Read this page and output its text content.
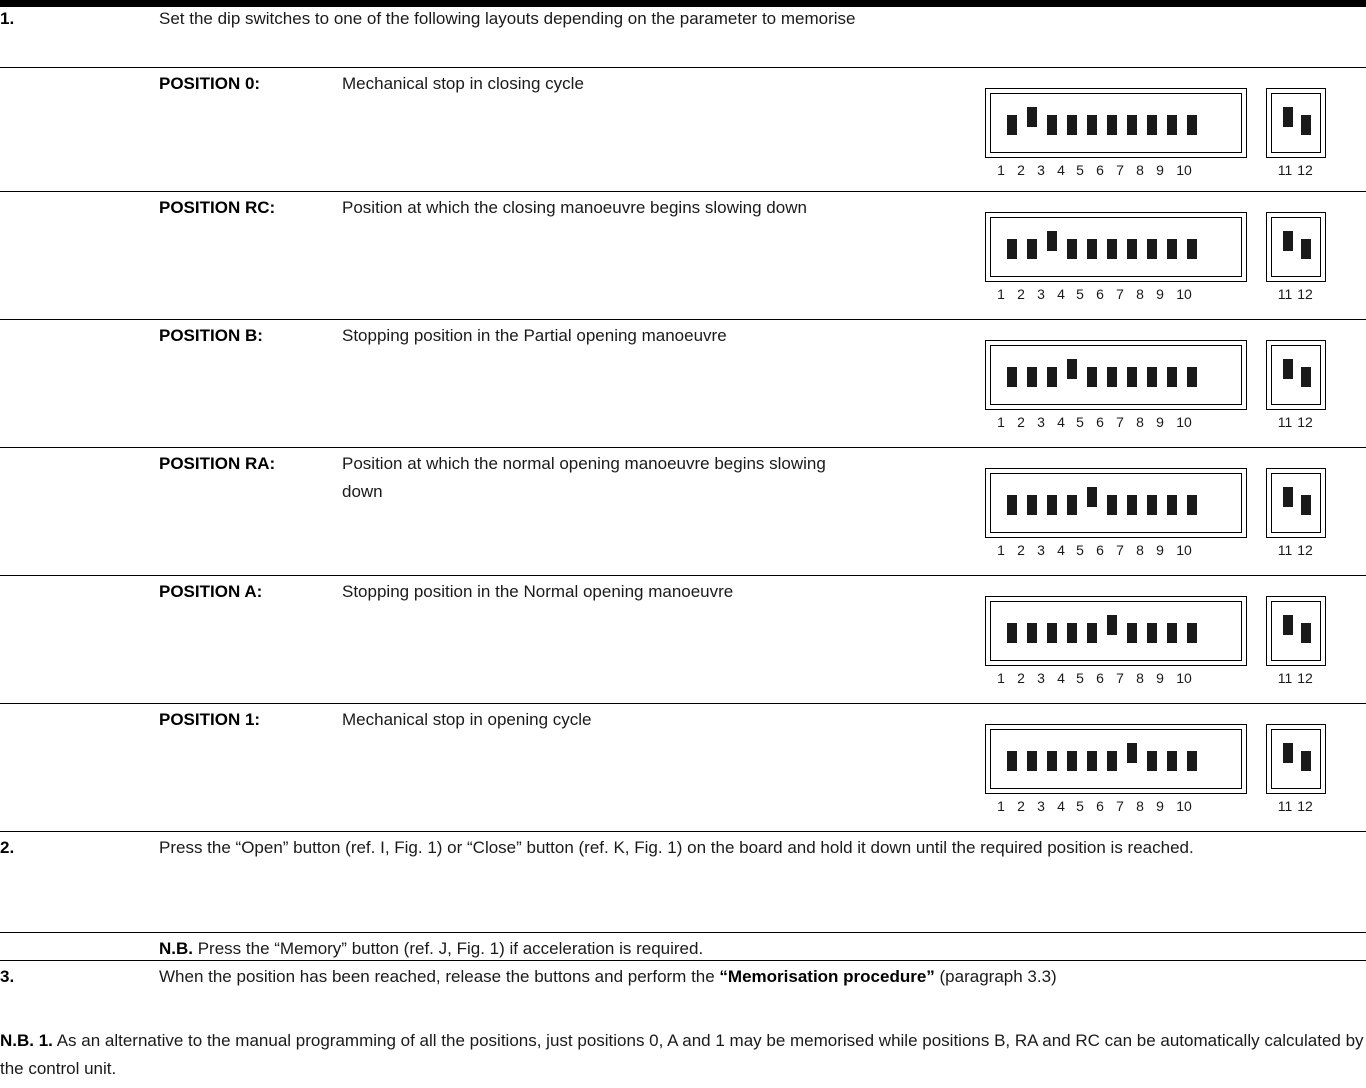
1.	Set the dip switches to one of the following layouts depending on the parameter to memorise
POSITION 0:	Mechanical stop in closing cycle
1 2 3 4 5 6 7 8 9 10	11 12
POSITION RC:	Position at which the closing manoeuvre begins slowing down
1 2 3 4 5 6 7 8 9 10	11 12
POSITION B:	Stopping position in the Partial opening manoeuvre
1 2 3 4 5 6 7 8 9 10	11 12
POSITION RA:	Position at which the normal opening manoeuvre begins slowing
down
1 2 3 4 5 6 7 8 9 10	11 12
POSITION A:	Stopping position in the Normal opening manoeuvre
1 2 3 4 5 6 7 8 9 10	11 12
POSITION 1:	Mechanical stop in opening cycle
1 2 3 4 5 6 7 8 9 10	11 12
2.	Press the “Open” button (ref. I, Fig. 1) or “Close” button (ref. K, Fig. 1) on the board and hold it down until the required position is reached.
N.B. Press the “Memory” button (ref. J, Fig. 1) if acceleration is required.
3.	When the position has been reached, release the buttons and perform the “Memorisation procedure” (paragraph 3.3)
N.B. 1. As an alternative to the manual programming of all the positions, just positions 0, A and 1 may be memorised while positions B, RA and RC can be automatically calculated by the control unit.
